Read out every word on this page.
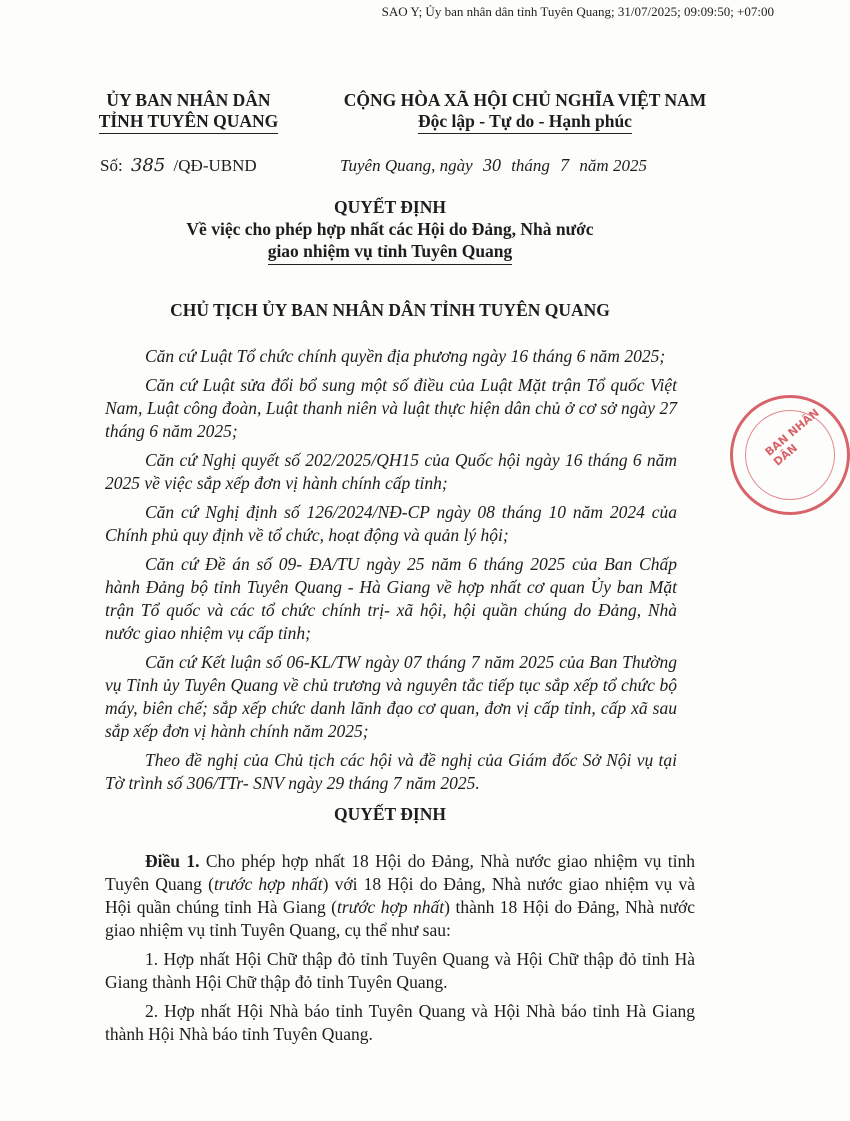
SAO Y; Ủy ban nhân dân tỉnh Tuyên Quang; 31/07/2025; 09:09:50; +07:00
ỦY BAN NHÂN DÂN
TỈNH TUYÊN QUANG
CỘNG HÒA XÃ HỘI CHỦ NGHĨA VIỆT NAM
Độc lập - Tự do - Hạnh phúc
Số: 385 /QĐ-UBND	Tuyên Quang, ngày 30 tháng 7 năm 2025
QUYẾT ĐỊNH
Về việc cho phép hợp nhất các Hội do Đảng, Nhà nước
giao nhiệm vụ tỉnh Tuyên Quang
CHỦ TỊCH ỦY BAN NHÂN DÂN TỈNH TUYÊN QUANG

Căn cứ Luật Tổ chức chính quyền địa phương ngày 16 tháng 6 năm 2025;

Căn cứ Luật sửa đổi bổ sung một số điều của Luật Mặt trận Tổ quốc Việt Nam, Luật công đoàn, Luật thanh niên và luật thực hiện dân chủ ở cơ sở ngày 27 tháng 6 năm 2025;

Căn cứ Nghị quyết số 202/2025/QH15 của Quốc hội ngày 16 tháng 6 năm 2025 về việc sắp xếp đơn vị hành chính cấp tỉnh;

Căn cứ Nghị định số 126/2024/NĐ-CP ngày 08 tháng 10 năm 2024 của Chính phủ quy định về tổ chức, hoạt động và quản lý hội;

Căn cứ Đề án số 09- ĐA/TU ngày 25 năm 6 tháng 2025 của Ban Chấp hành Đảng bộ tỉnh Tuyên Quang - Hà Giang về hợp nhất cơ quan Ủy ban Mặt trận Tổ quốc và các tổ chức chính trị- xã hội, hội quần chúng do Đảng, Nhà nước giao nhiệm vụ cấp tỉnh;

Căn cứ Kết luận số 06-KL/TW ngày 07 tháng 7 năm 2025 của Ban Thường vụ Tỉnh ủy Tuyên Quang về chủ trương và nguyên tắc tiếp tục sắp xếp tổ chức bộ máy, biên chế; sắp xếp chức danh lãnh đạo cơ quan, đơn vị cấp tỉnh, cấp xã sau sắp xếp đơn vị hành chính năm 2025;

Theo đề nghị của Chủ tịch các hội và đề nghị của Giám đốc Sở Nội vụ tại Tờ trình số 306/TTr- SNV ngày 29 tháng 7 năm 2025.

QUYẾT ĐỊNH

Điều 1. Cho phép hợp nhất 18 Hội do Đảng, Nhà nước giao nhiệm vụ tỉnh Tuyên Quang (trước hợp nhất) với 18 Hội do Đảng, Nhà nước giao nhiệm vụ và Hội quần chúng tỉnh Hà Giang (trước hợp nhất) thành 18 Hội do Đảng, Nhà nước giao nhiệm vụ tỉnh Tuyên Quang, cụ thể như sau:

1. Hợp nhất Hội Chữ thập đỏ tỉnh Tuyên Quang và Hội Chữ thập đỏ tỉnh Hà Giang thành Hội Chữ thập đỏ tỉnh Tuyên Quang.

2. Hợp nhất Hội Nhà báo tỉnh Tuyên Quang và Hội Nhà báo tỉnh Hà Giang thành Hội Nhà báo tỉnh Tuyên Quang.

BAN NHÂN DÂN
